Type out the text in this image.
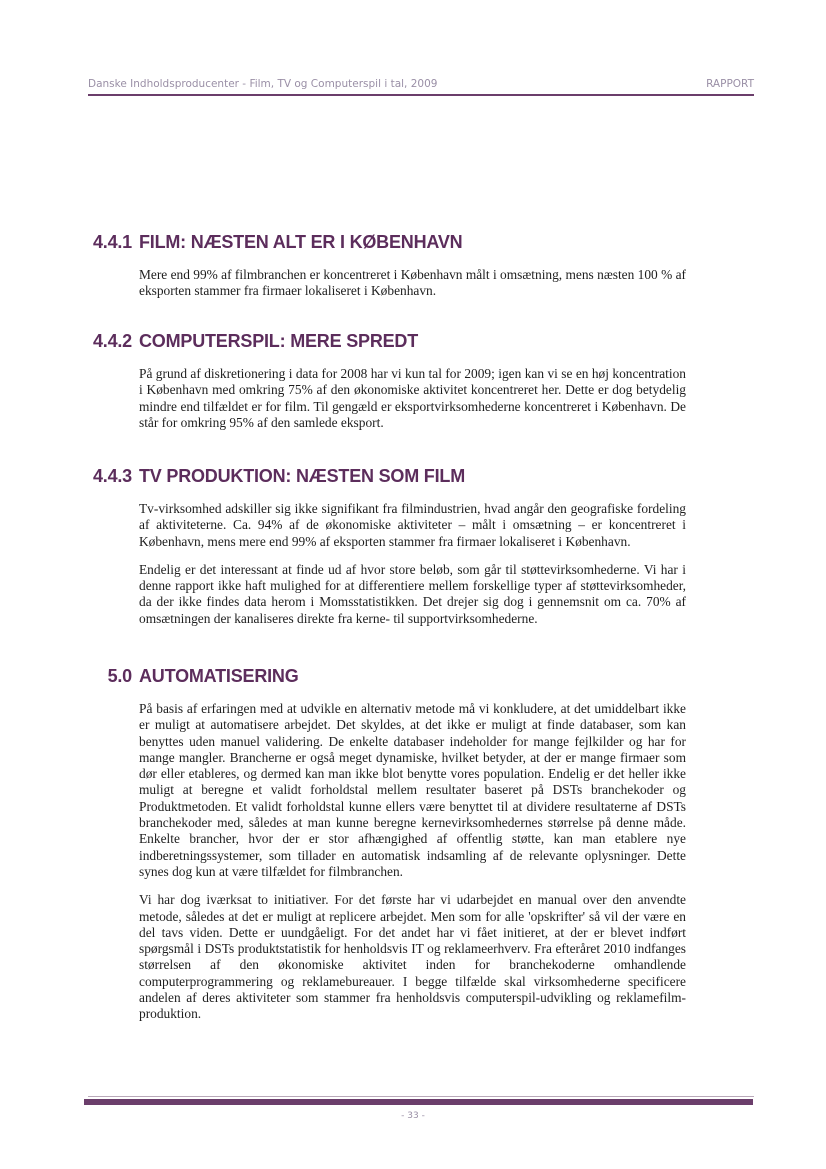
Danske Indholdsproducenter - Film, TV og Computerspil i tal, 2009	RAPPORT
4.4.1 FILM: NÆSTEN ALT ER I KØBENHAVN

Mere end 99% af filmbranchen er koncentreret i København målt i omsætning, mens næsten 100 % af eksporten stammer fra firmaer lokaliseret i København.

4.4.2 COMPUTERSPIL: MERE SPREDT

På grund af diskretionering i data for 2008 har vi kun tal for 2009; igen kan vi se en høj koncentration i København med omkring 75% af den økonomiske aktivitet koncentreret her. Dette er dog betydelig mindre end tilfældet er for film. Til gengæld er eksportvirksomhederne koncentreret i København. De står for omkring 95% af den samlede eksport.

4.4.3 TV PRODUKTION: NÆSTEN SOM FILM

Tv-virksomhed adskiller sig ikke signifikant fra filmindustrien, hvad angår den geografiske fordeling af aktiviteterne. Ca. 94% af de økonomiske aktiviteter – målt i omsætning – er koncentreret i København, mens mere end 99% af eksporten stammer fra firmaer lokaliseret i København.

Endelig er det interessant at finde ud af hvor store beløb, som går til støttevirksomhederne. Vi har i denne rapport ikke haft mulighed for at differentiere mellem forskellige typer af støttevirksomheder, da der ikke findes data herom i Momsstatistikken. Det drejer sig dog i gennemsnit om ca. 70% af omsætningen der kanaliseres direkte fra kerne- til supportvirksomhederne.

5.0 AUTOMATISERING

På basis af erfaringen med at udvikle en alternativ metode må vi konkludere, at det umiddelbart ikke er muligt at automatisere arbejdet. Det skyldes, at det ikke er muligt at finde databaser, som kan benyttes uden manuel validering. De enkelte databaser indeholder for mange fejlkilder og har for mange mangler. Brancherne er også meget dynamiske, hvilket betyder, at der er mange firmaer som dør eller etableres, og dermed kan man ikke blot benytte vores population. Endelig er det heller ikke muligt at beregne et validt forholdstal mellem resultater baseret på DSTs branchekoder og Produktmetoden. Et validt forholdstal kunne ellers være benyttet til at dividere resultaterne af DSTs branchekoder med, således at man kunne beregne kernevirksomhedernes størrelse på denne måde. Enkelte brancher, hvor der er stor afhængighed af offentlig støtte, kan man etablere nye indberetningssystemer, som tillader en automatisk indsamling af de relevante oplysninger. Dette synes dog kun at være tilfældet for filmbranchen.

Vi har dog iværksat to initiativer. For det første har vi udarbejdet en manual over den anvendte metode, således at det er muligt at replicere arbejdet. Men som for alle 'opskrifter' så vil der være en del tavs viden. Dette er uundgåeligt. For det andet har vi fået initieret, at der er blevet indført spørgsmål i DSTs produktstatistik for henholdsvis IT og reklameerhverv. Fra efteråret 2010 indfanges størrelsen af den økonomiske aktivitet inden for branchekoderne omhandlende computerprogrammering og reklamebureauer. I begge tilfælde skal virksomhederne specificere andelen af deres aktiviteter som stammer fra henholdsvis computerspil-udvikling og reklamefilm-produktion.

- 33 -
